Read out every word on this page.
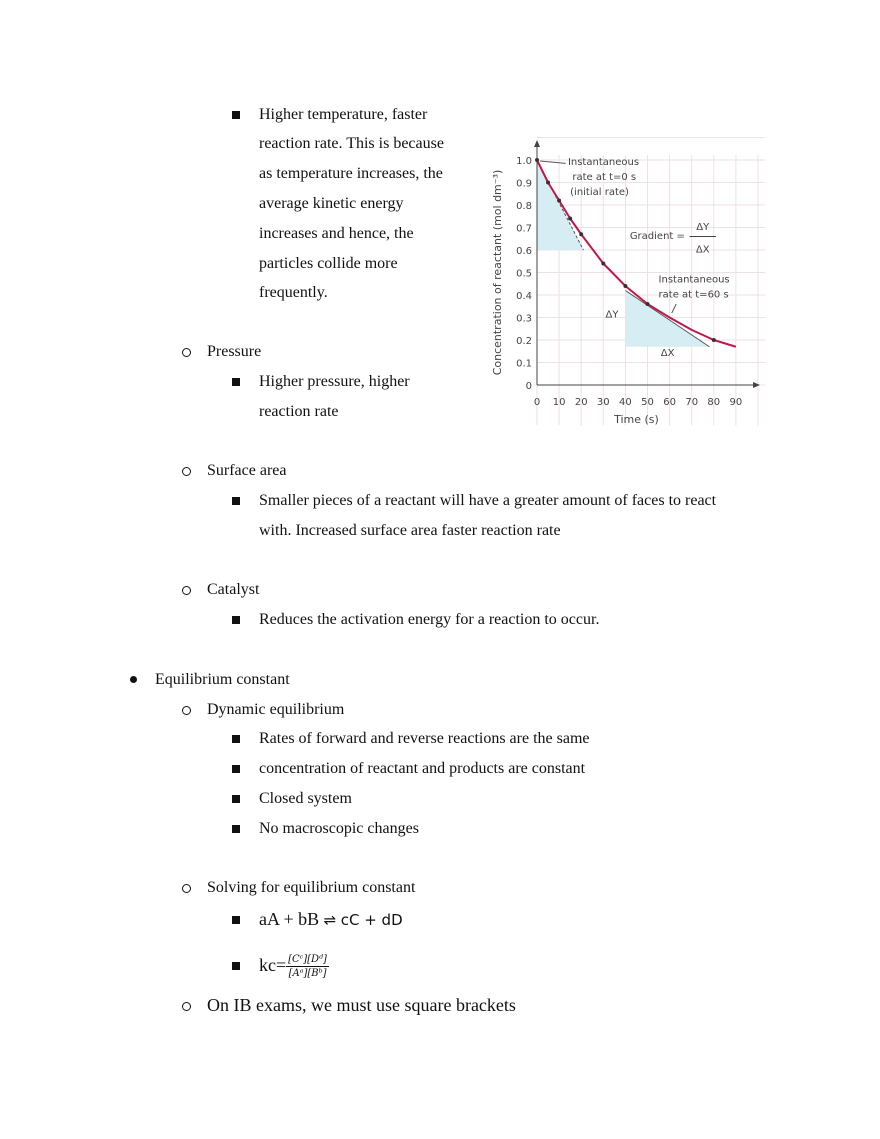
Higher temperature, faster
reaction rate. This is because
as temperature increases, the
average kinetic energy
increases and hence, the
particles collide more
frequently.
Pressure
Higher pressure, higher
reaction rate
Surface area
Smaller pieces of a reactant will have a greater amount of faces to react
with. Increased surface area faster reaction rate
Catalyst
Reduces the activation energy for a reaction to occur.
Equilibrium constant
Dynamic equilibrium
Rates of forward and reverse reactions are the same
concentration of reactant and products are constant
Closed system
No macroscopic changes
Solving for equilibrium constant
aA + bB ⇌ cC + dD
$kc= \frac{\text{[Cᶜ][Dᵈ]}}{\text{[Aᵃ][Bᵇ]}}$
On IB exams, we must use square brackets
0
0.1
0.2
0.3
0.4
0.5
0.6
0.7
0.8
0.9
1.0
0 10 20 30 40 50 60 70 80 90
Time (s)
Concentration of reactant (mol dm⁻³)
Instantaneous
rate at t=0 s
(initial rate)
Gradient =
ΔY
ΔX
Instantaneous
rate at t=60 s
ΔY
ΔX
